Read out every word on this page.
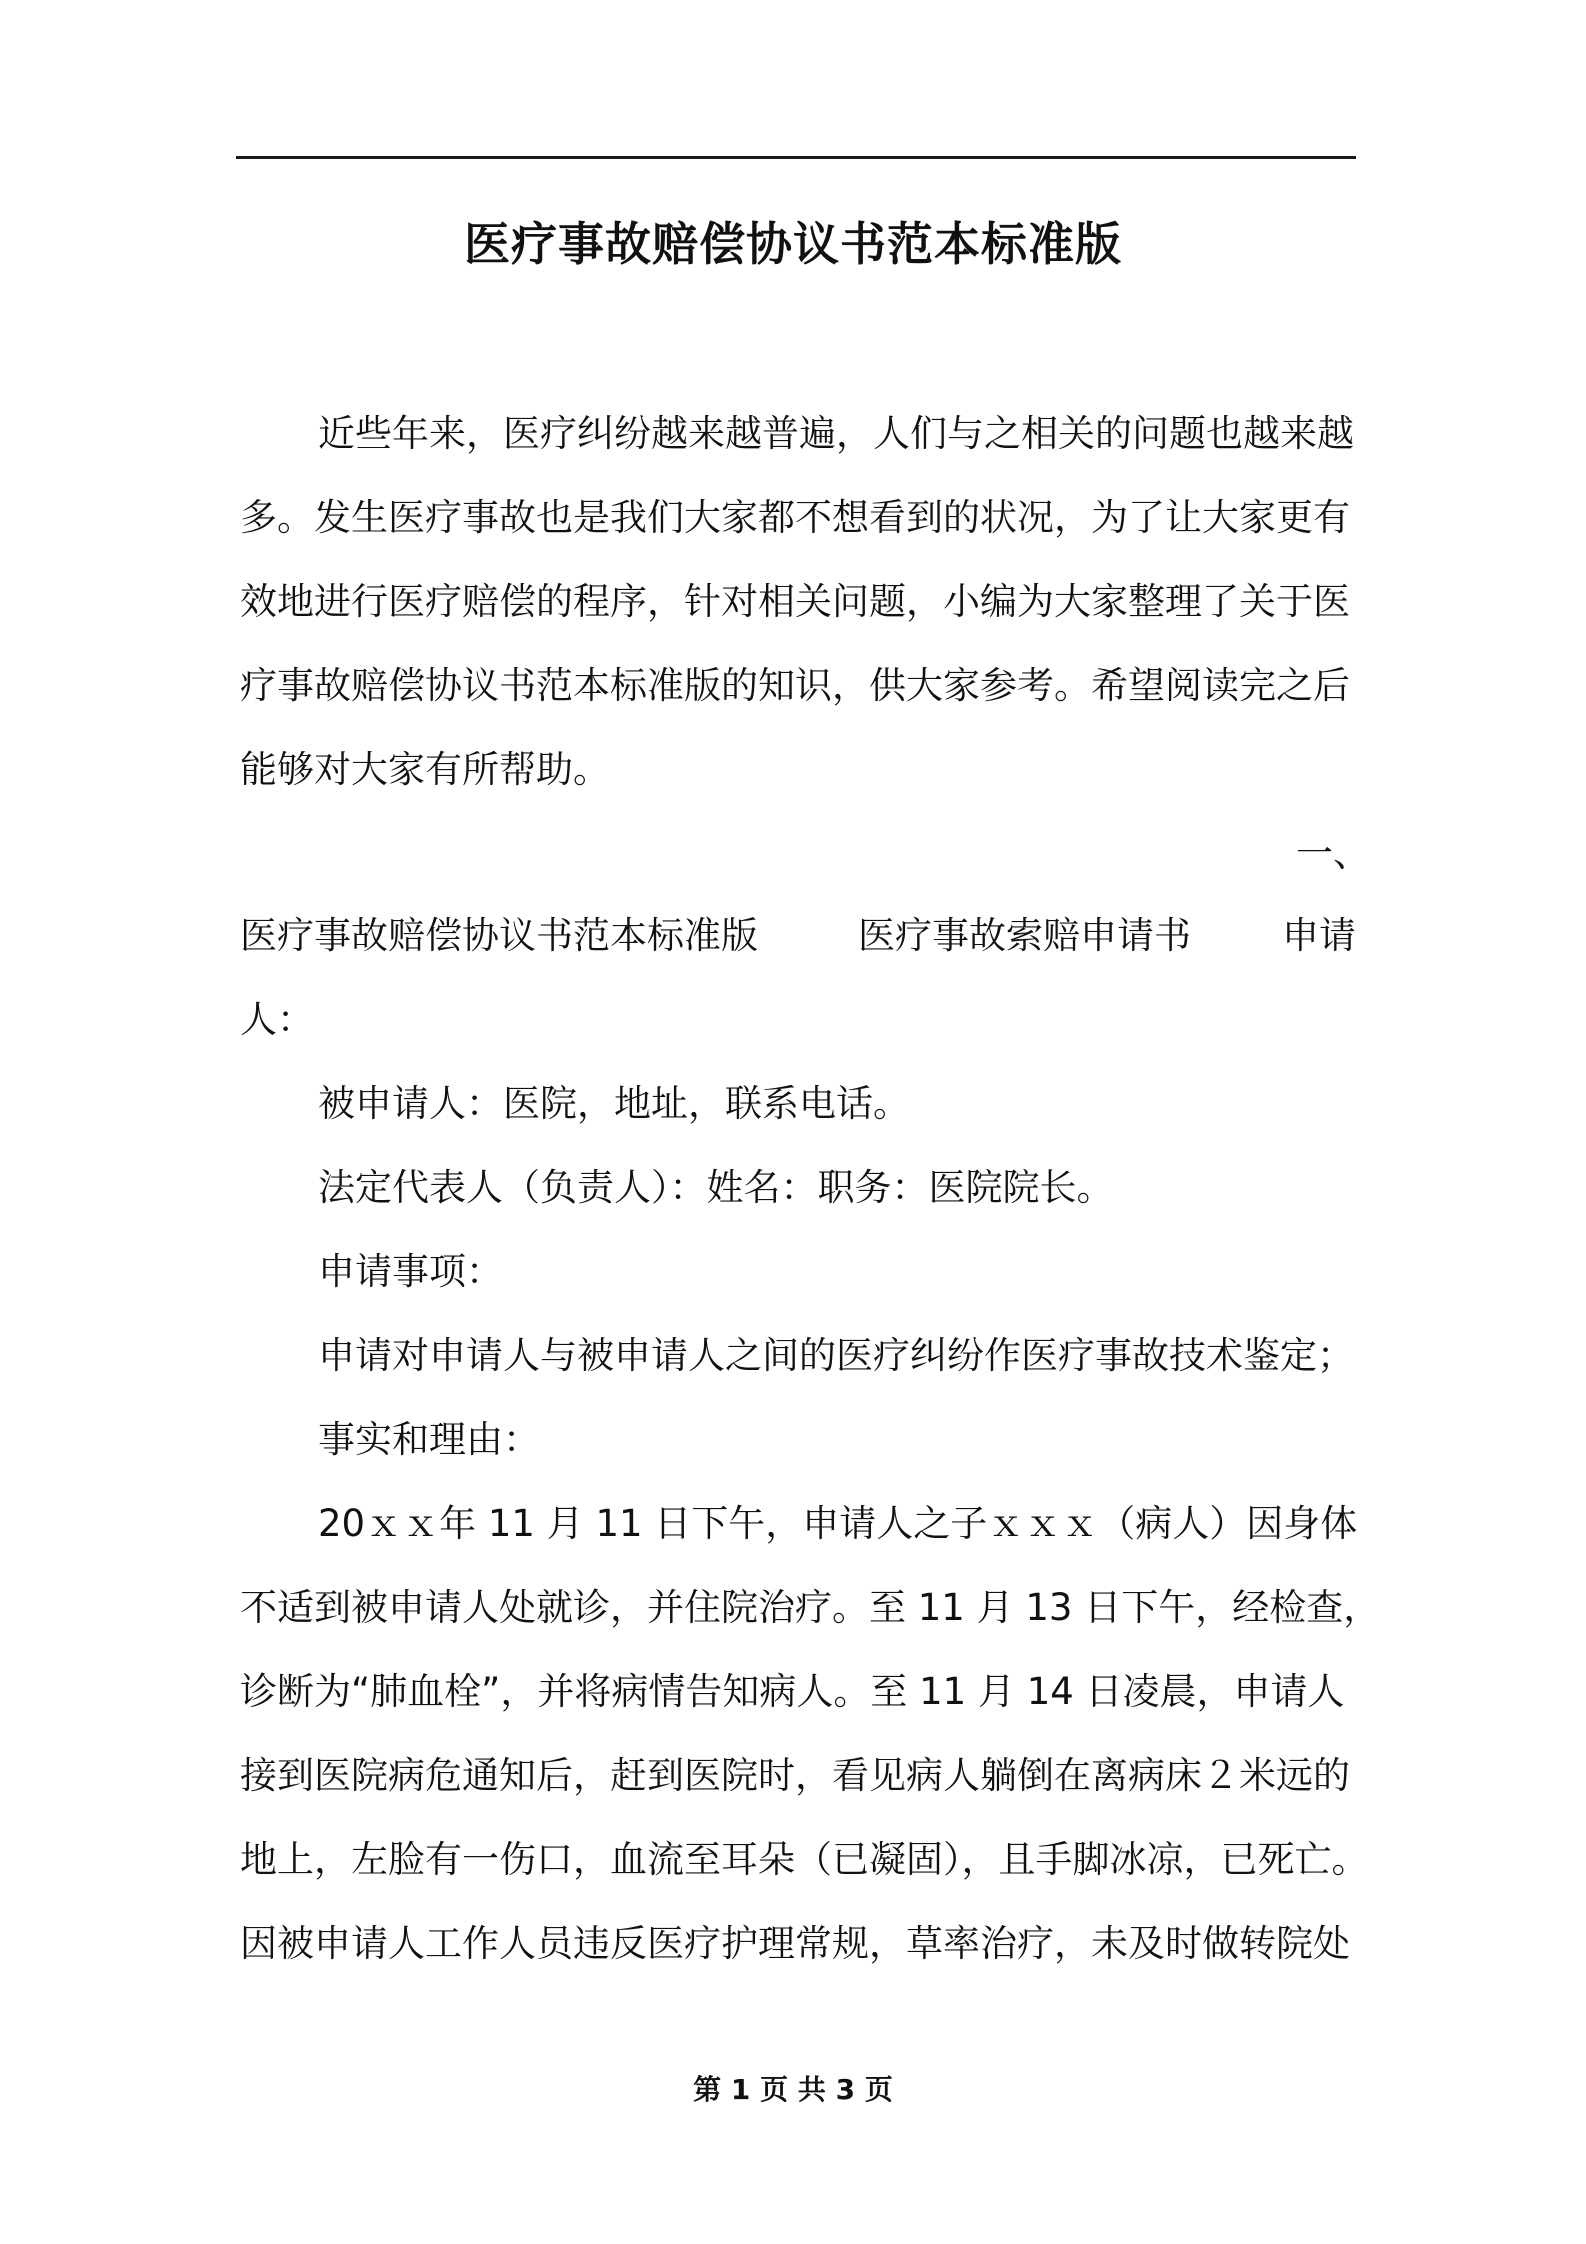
医疗事故赔偿协议书范本标准版
近些年来，医疗纠纷越来越普遍，人们与之相关的问题也越来越
多。发生医疗事故也是我们大家都不想看到的状况，为了让大家更有
效地进行医疗赔偿的程序，针对相关问题，小编为大家整理了关于医
疗事故赔偿协议书范本标准版的知识，供大家参考。希望阅读完之后
能够对大家有所帮助。
一、
医疗事故赔偿协议书范本标准版	医疗事故索赔申请书 申请
人：
被申请人：医院，地址，联系电话。
法定代表人（负责人）：姓名：职务：医院院长。
申请事项：
申请对申请人与被申请人之间的医疗纠纷作医疗事故技术鉴定；
事实和理由：
20ｘｘ年 11 月 11 日下午，申请人之子ｘｘｘ（病人）因身体
不适到被申请人处就诊，并住院治疗。至 11 月 13 日下午，经检查，
诊断为“肺血栓”，并将病情告知病人。至 11 月 14 日凌晨，申请人
接到医院病危通知后，赶到医院时，看见病人躺倒在离病床２米远的
地上，左脸有一伤口，血流至耳朵（已凝固），且手脚冰凉，已死亡。
因被申请人工作人员违反医疗护理常规，草率治疗，未及时做转院处
第 1 页 共 3 页
